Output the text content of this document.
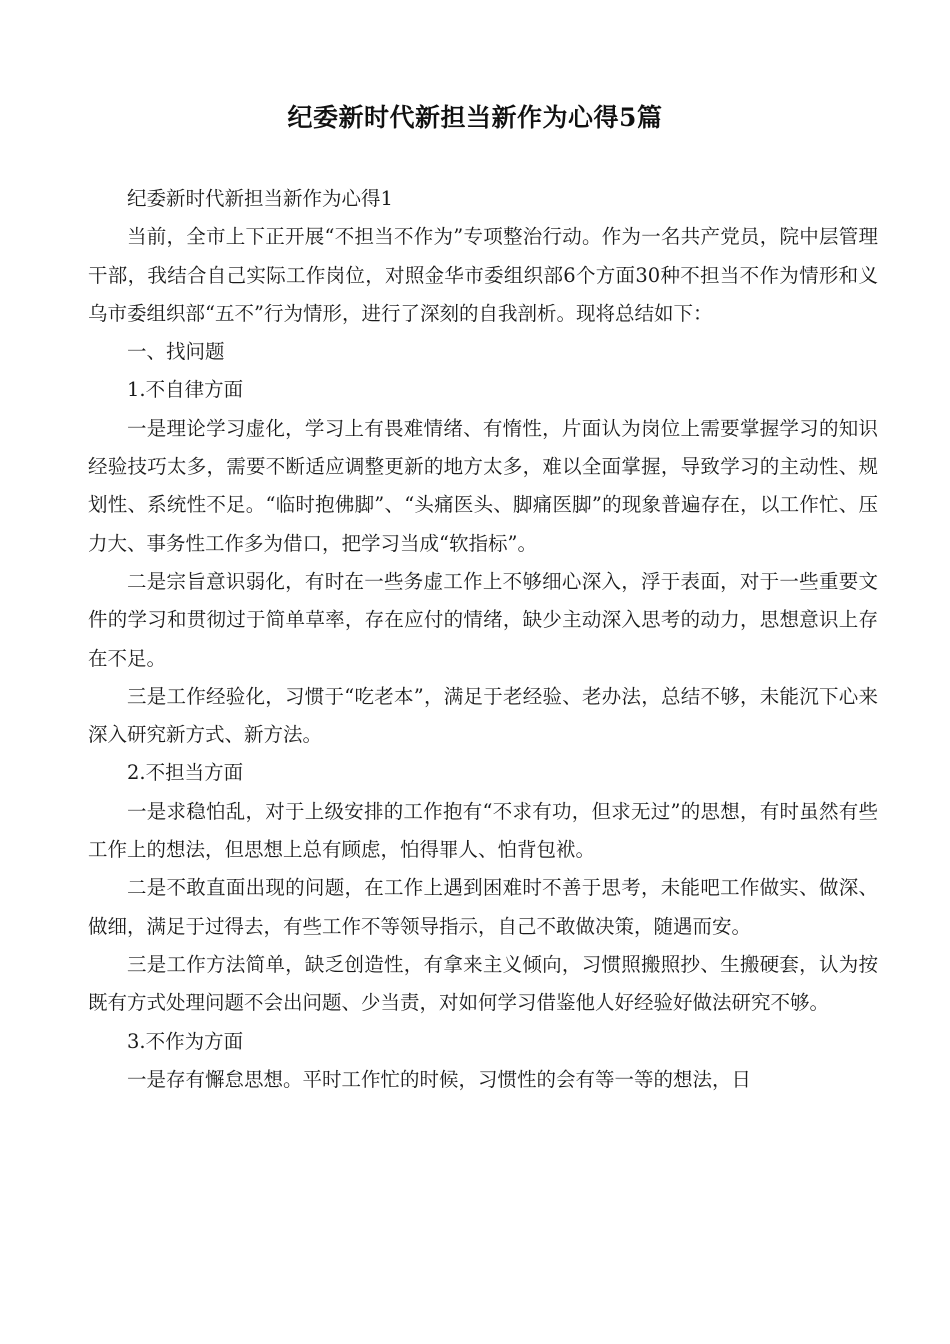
纪委新时代新担当新作为心得5篇

纪委新时代新担当新作为心得1

当前，全市上下正开展“不担当不作为”专项整治行动。作为一名共产党员，院中层管理干部，我结合自己实际工作岗位，对照金华市委组织部6个方面30种不担当不作为情形和义乌市委组织部“五不”行为情形，进行了深刻的自我剖析。现将总结如下：

一、找问题

1.不自律方面

一是理论学习虚化，学习上有畏难情绪、有惰性，片面认为岗位上需要掌握学习的知识经验技巧太多，需要不断适应调整更新的地方太多，难以全面掌握，导致学习的主动性、规划性、系统性不足。“临时抱佛脚”、“头痛医头、脚痛医脚”的现象普遍存在，以工作忙、压力大、事务性工作多为借口，把学习当成“软指标”。

二是宗旨意识弱化，有时在一些务虚工作上不够细心深入，浮于表面，对于一些重要文件的学习和贯彻过于简单草率，存在应付的情绪，缺少主动深入思考的动力，思想意识上存在不足。

三是工作经验化，习惯于“吃老本”，满足于老经验、老办法，总结不够，未能沉下心来深入研究新方式、新方法。

2.不担当方面

一是求稳怕乱，对于上级安排的工作抱有“不求有功，但求无过”的思想，有时虽然有些工作上的想法，但思想上总有顾虑，怕得罪人、怕背包袱。

二是不敢直面出现的问题，在工作上遇到困难时不善于思考，未能吧工作做实、做深、做细，满足于过得去，有些工作不等领导指示，自己不敢做决策，随遇而安。

三是工作方法简单，缺乏创造性，有拿来主义倾向，习惯照搬照抄、生搬硬套，认为按既有方式处理问题不会出问题、少当责，对如何学习借鉴他人好经验好做法研究不够。

3.不作为方面

一是存有懈怠思想。平时工作忙的时候，习惯性的会有等一等的想法，日
